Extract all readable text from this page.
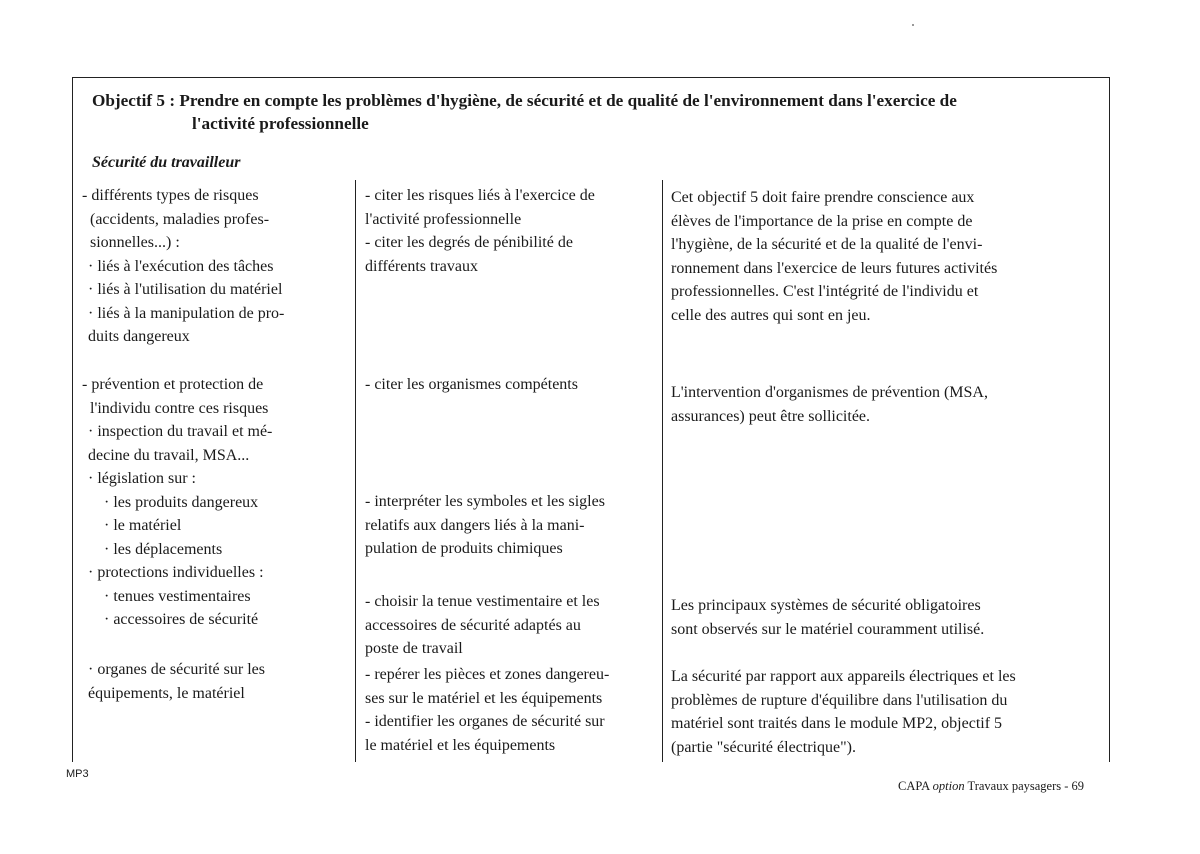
Objectif 5 : Prendre en compte les problèmes d'hygiène, de sécurité et de qualité de l'environnement dans l'exercice de
l'activité professionnelle
Sécurité du travailleur
- différents types de risques
(accidents, maladies profes-
sionnelles...) :
· liés à l'exécution des tâches
· liés à l'utilisation du matériel
· liés à la manipulation de pro-
duits dangereux
- citer les risques liés à l'exercice de
l'activité professionnelle
- citer les degrés de pénibilité de
différents travaux
Cet objectif 5 doit faire prendre conscience aux
élèves de l'importance de la prise en compte de
l'hygiène, de la sécurité et de la qualité de l'envi-
ronnement dans l'exercice de leurs futures activités
professionnelles. C'est l'intégrité de l'individu et
celle des autres qui sont en jeu.
- prévention et protection de
l'individu contre ces risques
· inspection du travail et mé-
decine du travail, MSA...
· législation sur :
· les produits dangereux
· le matériel
· les déplacements
· protections individuelles :
· tenues vestimentaires
· accessoires de sécurité
- citer les organismes compétents
- interpréter les symboles et les sigles
relatifs aux dangers liés à la mani-
pulation de produits chimiques
- choisir la tenue vestimentaire et les
accessoires de sécurité adaptés au
poste de travail
L'intervention d'organismes de prévention (MSA,
assurances) peut être sollicitée.
Les principaux systèmes de sécurité obligatoires
sont observés sur le matériel couramment utilisé.
· organes de sécurité sur les
équipements, le matériel
- repérer les pièces et zones dangereu-
ses sur le matériel et les équipements
- identifier les organes de sécurité sur
le matériel et les équipements
La sécurité par rapport aux appareils électriques et les
problèmes de rupture d'équilibre dans l'utilisation du
matériel sont traités dans le module MP2, objectif 5
(partie "sécurité électrique").
MP3
CAPA option Travaux paysagers - 69
